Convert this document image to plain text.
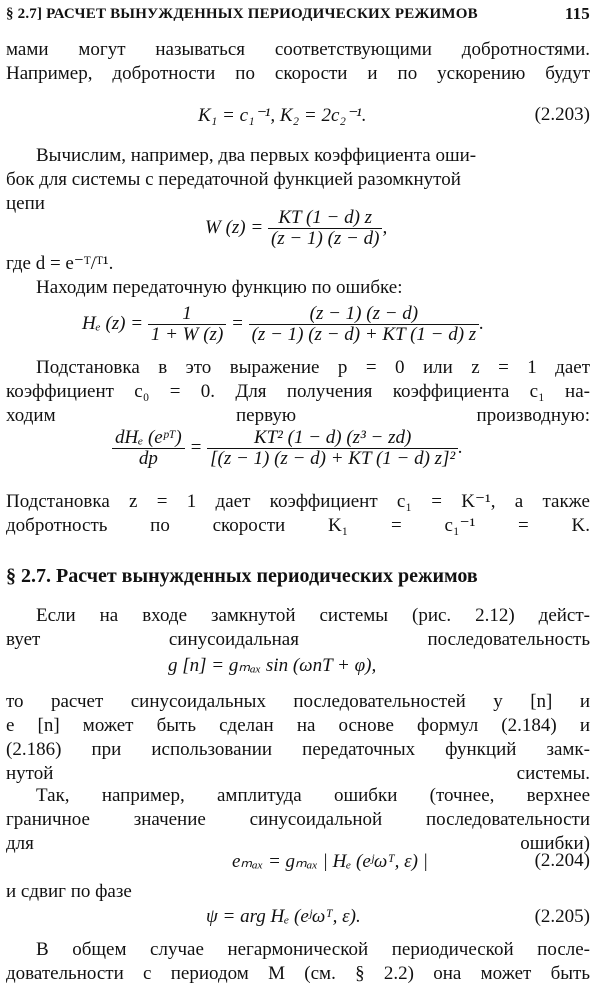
§ 2.7] РАСЧЕТ ВЫНУЖДЕННЫХ ПЕРИОДИЧЕСКИХ РЕЖИМОВ	115
мами могут называться соответствующими добротностями.
Например, добротности по скорости и по ускорению будут
K₁ = c₁⁻¹, K₂ = 2c₂⁻¹.	(2.203)
Вычислим, например, два первых коэффициента оши-
бок для системы с передаточной функцией разомкнутой
цепи
W $(z) = \frac{KT (1 - d) z}{(z - 1) (z - d)}$ ,
где d = e⁻ᵀ/ᵀ¹.
Находим передаточную функцию по ошибке:
Hₑ $(z) = \frac{1}{1 + W (z)} = \frac{(z - 1) (z - d)}{(z - 1) (z - d) + KT (1 - d) z}$ .
Подстановка в это выражение p = 0 или z = 1 дает
коэффициент c₀ = 0. Для получения коэффициента c₁ на-
ходим первую производную:
$\frac{\text{dHₑ (eᵖᵀ)}}{dp} = \frac{\text{KT² (1 − d) (z³ − zd)}}{\text{[(z − 1) (z − d) + KT (1 − d) z]²}}$ .
Подстановка z = 1 дает коэффициент c₁ = K⁻¹, а также
добротность по скорости K₁ = c₁⁻¹ = K.
§ 2.7. Расчет вынужденных периодических режимов
Если на входе замкнутой системы (рис. 2.12) дейст-
вует синусоидальная последовательность
g [n] = gₘₐₓ sin (ωnT + φ),
то расчет синусоидальных последовательностей y [n] и
e [n] может быть сделан на основе формул (2.184) и
(2.186) при использовании передаточных функций замк-
нутой системы.
Так, например, амплитуда ошибки (точнее, верхнее
граничное значение синусоидальной последовательности
для ошибки)
eₘₐₓ = gₘₐₓ | Hₑ (eʲωᵀ, ε) |	(2.204)
и сдвиг по фазе
ψ = arg Hₑ (eʲωᵀ, ε).	(2.205)
В общем случае негармонической периодической после-
довательности с периодом M (см. § 2.2) она может быть
